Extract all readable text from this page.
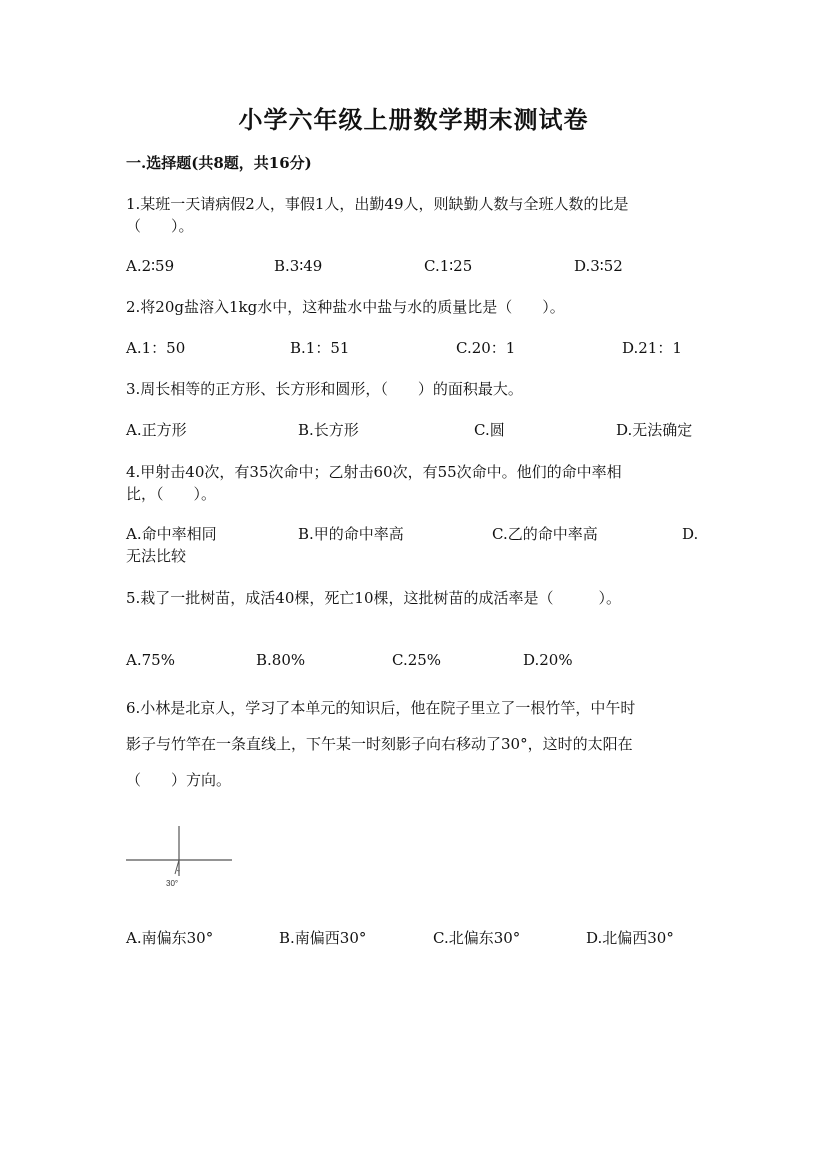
小学六年级上册数学期末测试卷
一.选择题(共8题，共16分)
1.某班一天请病假2人，事假1人，出勤49人，则缺勤人数与全班人数的比是
（　　）。
A.2∶59	B.3∶49	C.1∶25	D.3∶52
2.将20g盐溶入1kg水中，这种盐水中盐与水的质量比是（　　）。
A.1：50	B.1：51	C.20：1	D.21：1
3.周长相等的正方形、长方形和圆形，（　　）的面积最大。
A.正方形	B.长方形	C.圆	D.无法确定
4.甲射击40次，有35次命中；乙射击60次，有55次命中。他们的命中率相
比，（　　）。
A.命中率相同	B.甲的命中率高	C.乙的命中率高	D.
无法比较
5.栽了一批树苗，成活40棵，死亡10棵，这批树苗的成活率是（　　　）。
A.75%	B.80%	C.25%	D.20%
6.小林是北京人，学习了本单元的知识后，他在院子里立了一根竹竿，中午时
影子与竹竿在一条直线上，下午某一时刻影子向右移动了30°，这时的太阳在
（　　）方向。
30°
A.南偏东30°	B.南偏西30°	C.北偏东30°	D.北偏西30°
